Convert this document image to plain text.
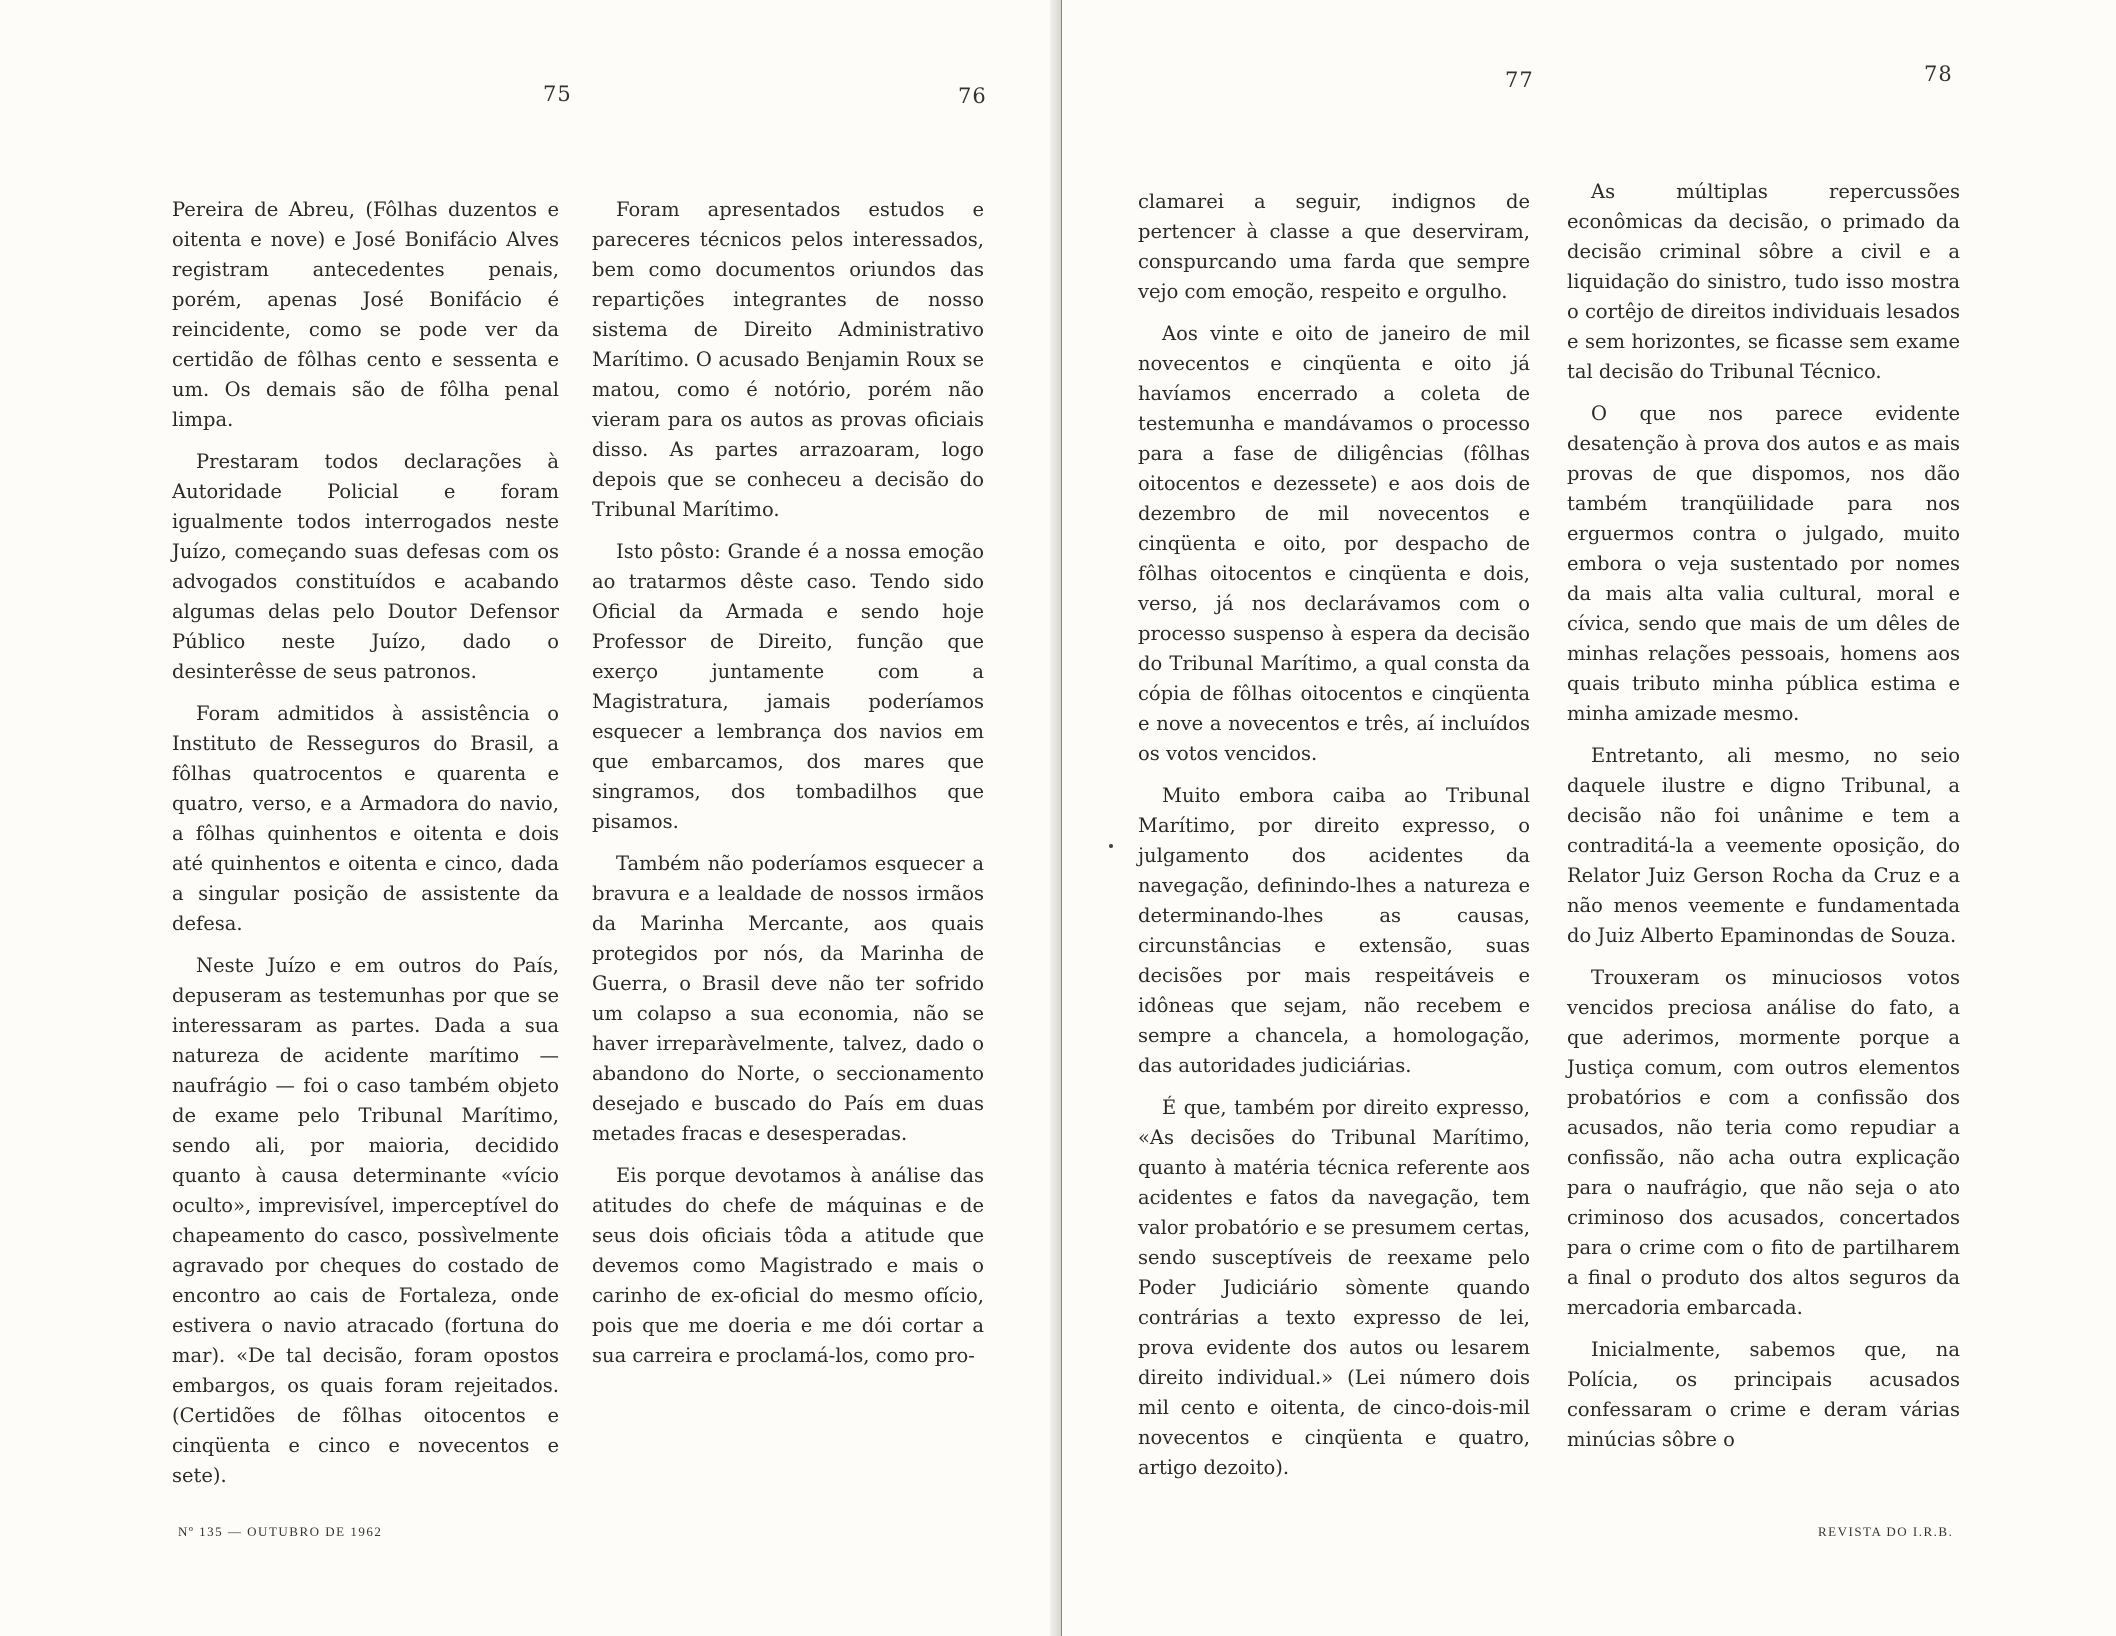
75	76

Pereira de Abreu, (Fôlhas duzentos e oitenta e nove) e José Bonifácio Alves registram antecedentes penais, porém, apenas José Bonifácio é reincidente, como se pode ver da certidão de fôlhas cento e sessenta e um. Os demais são de fôlha penal limpa.

Prestaram todos declarações à Autoridade Policial e foram igualmente todos interrogados neste Juízo, começando suas defesas com os advogados constituídos e acabando algumas delas pelo Doutor Defensor Público neste Juízo, dado o desinterêsse de seus patronos.

Foram admitidos à assistência o Instituto de Resseguros do Brasil, a fôlhas quatrocentos e quarenta e quatro, verso, e a Armadora do navio, a fôlhas quinhentos e oitenta e dois até quinhentos e oitenta e cinco, dada a singular posição de assistente da defesa.

Neste Juízo e em outros do País, depuseram as testemunhas por que se interessaram as partes. Dada a sua natureza de acidente marítimo — naufrágio — foi o caso também objeto de exame pelo Tribunal Marítimo, sendo ali, por maioria, decidido quanto à causa determinante «vício oculto», imprevisível, imperceptível do chapeamento do casco, possìvelmente agravado por cheques do costado de encontro ao cais de Fortaleza, onde estivera o navio atracado (fortuna do mar). «De tal decisão, foram opostos embargos, os quais foram rejeitados. (Certidões de fôlhas oitocentos e cinqüenta e cinco e novecentos e sete).

Foram apresentados estudos e pareceres técnicos pelos interessados, bem como documentos oriundos das repartições integrantes de nosso sistema de Direito Administrativo Marítimo. O acusado Benjamin Roux se matou, como é notório, porém não vieram para os autos as provas oficiais disso. As partes arrazoaram, logo depois que se conheceu a decisão do Tribunal Marítimo.

Isto pôsto: Grande é a nossa emoção ao tratarmos dêste caso. Tendo sido Oficial da Armada e sendo hoje Professor de Direito, função que exerço juntamente com a Magistratura, jamais poderíamos esquecer a lembrança dos navios em que embarcamos, dos mares que singramos, dos tombadilhos que pisamos.

Também não poderíamos esquecer a bravura e a lealdade de nossos irmãos da Marinha Mercante, aos quais protegidos por nós, da Marinha de Guerra, o Brasil deve não ter sofrido um colapso a sua economia, não se haver irreparàvelmente, talvez, dado o abandono do Norte, o seccionamento desejado e buscado do País em duas metades fracas e desesperadas.

Eis porque devotamos à análise das atitudes do chefe de máquinas e de seus dois oficiais tôda a atitude que devemos como Magistrado e mais o carinho de ex-oficial do mesmo ofício, pois que me doeria e me dói cortar a sua carreira e proclamá-los, como pro-

Nº 135 — OUTUBRO DE 1962
77	78

clamarei a seguir, indignos de pertencer à classe a que deserviram, conspurcando uma farda que sempre vejo com emoção, respeito e orgulho.

Aos vinte e oito de janeiro de mil novecentos e cinqüenta e oito já havíamos encerrado a coleta de testemunha e mandávamos o processo para a fase de diligências (fôlhas oitocentos e dezessete) e aos dois de dezembro de mil novecentos e cinqüenta e oito, por despacho de fôlhas oitocentos e cinqüenta e dois, verso, já nos declarávamos com o processo suspenso à espera da decisão do Tribunal Marítimo, a qual consta da cópia de fôlhas oitocentos e cinqüenta e nove a novecentos e três, aí incluídos os votos vencidos.

Muito embora caiba ao Tribunal Marítimo, por direito expresso, o julgamento dos acidentes da navegação, definindo-lhes a natureza e determinando-lhes as causas, circunstâncias e extensão, suas decisões por mais respeitáveis e idôneas que sejam, não recebem e sempre a chancela, a homologação, das autoridades judiciárias.

É que, também por direito expresso, «As decisões do Tribunal Marítimo, quanto à matéria técnica referente aos acidentes e fatos da navegação, tem valor probatório e se presumem certas, sendo susceptíveis de reexame pelo Poder Judiciário sòmente quando contrárias a texto expresso de lei, prova evidente dos autos ou lesarem direito individual.» (Lei número dois mil cento e oitenta, de cinco-dois-mil novecentos e cinqüenta e quatro, artigo dezoito).

As múltiplas repercussões econômicas da decisão, o primado da decisão criminal sôbre a civil e a liquidação do sinistro, tudo isso mostra o cortêjo de direitos individuais lesados e sem horizontes, se ficasse sem exame tal decisão do Tribunal Técnico.

O que nos parece evidente desatenção à prova dos autos e as mais provas de que dispomos, nos dão também tranqüilidade para nos erguermos contra o julgado, muito embora o veja sustentado por nomes da mais alta valia cultural, moral e cívica, sendo que mais de um dêles de minhas relações pessoais, homens aos quais tributo minha pública estima e minha amizade mesmo.

Entretanto, ali mesmo, no seio daquele ilustre e digno Tribunal, a decisão não foi unânime e tem a contraditá-la a veemente oposição, do Relator Juiz Gerson Rocha da Cruz e a não menos veemente e fundamentada do Juiz Alberto Epaminondas de Souza.

Trouxeram os minuciosos votos vencidos preciosa análise do fato, a que aderimos, mormente porque a Justiça comum, com outros elementos probatórios e com a confissão dos acusados, não teria como repudiar a confissão, não acha outra explicação para o naufrágio, que não seja o ato criminoso dos acusados, concertados para o crime com o fito de partilharem a final o produto dos altos seguros da mercadoria embarcada.

Inicialmente, sabemos que, na Polícia, os principais acusados confessaram o crime e deram várias minúcias sôbre o

REVISTA DO I.R.B.
